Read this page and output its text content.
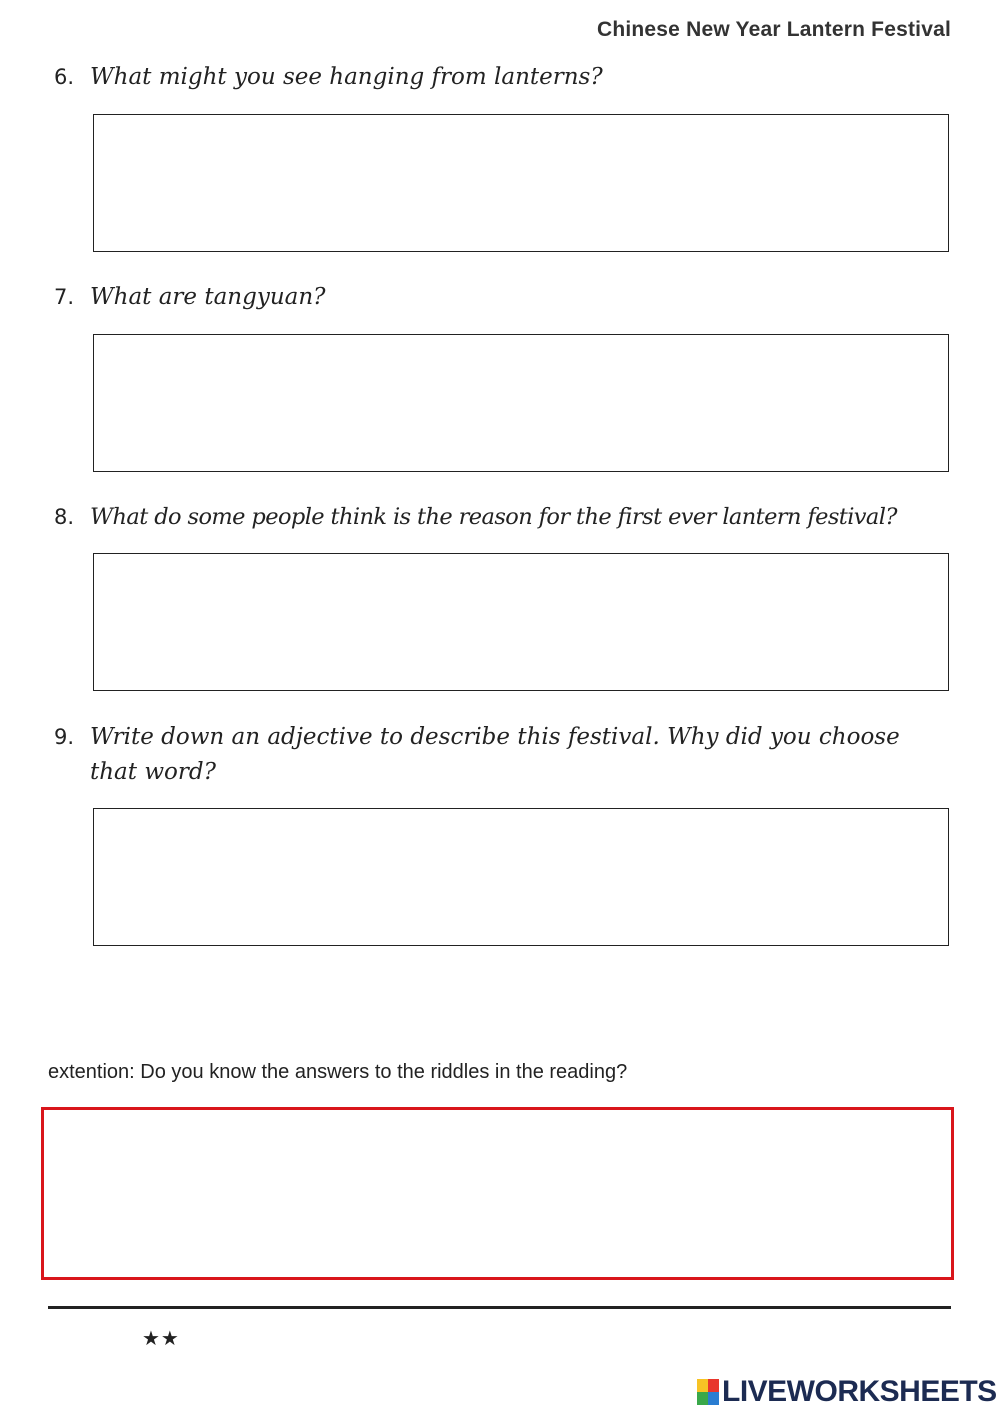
Chinese New Year Lantern Festival
6. What might you see hanging from lanterns?
7. What are tangyuan?
8. What do some people think is the reason for the first ever lantern festival?
9. Write down an adjective to describe this festival. Why did you choose that word?
extention: Do you know the answers to the riddles in the reading?
★★
LIVEWORKSHEETS
